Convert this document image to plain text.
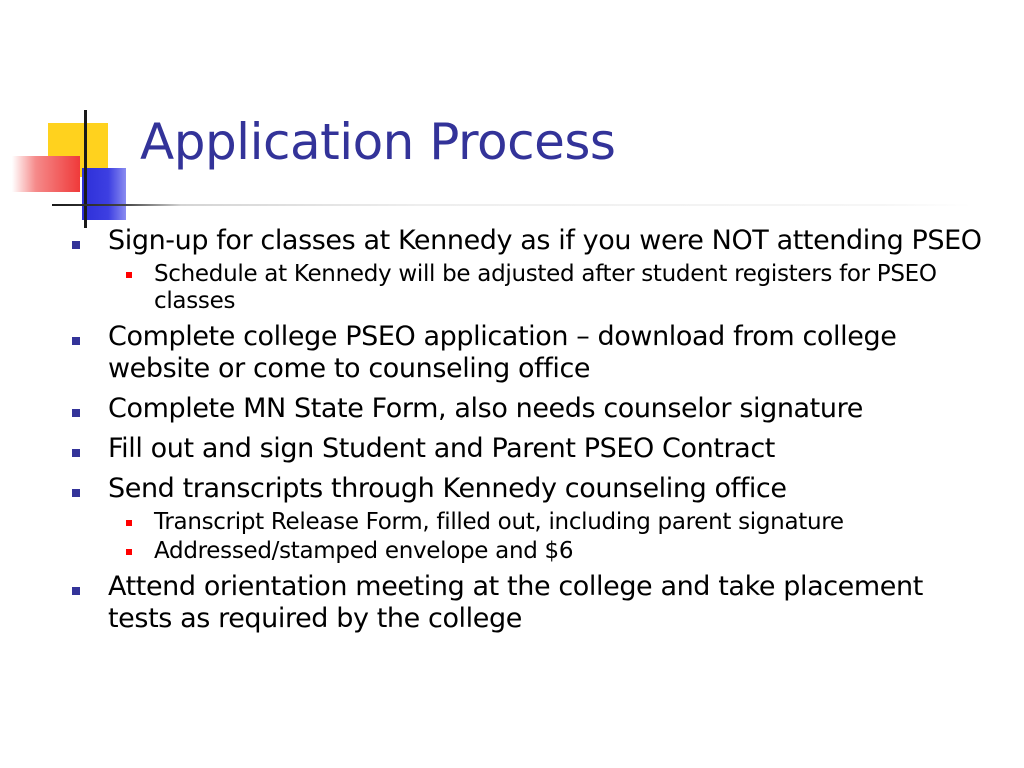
Application Process
Sign-up for classes at Kennedy as if you were NOT attending PSEO
Schedule at Kennedy will be adjusted after student registers for PSEO classes
Complete college PSEO application – download from college website or come to counseling office
Complete MN State Form, also needs counselor signature
Fill out and sign Student and Parent PSEO Contract
Send transcripts through Kennedy counseling office
Transcript Release Form, filled out, including parent signature
Addressed/stamped envelope and $6
Attend orientation meeting at the college and take placement tests as required by the college
